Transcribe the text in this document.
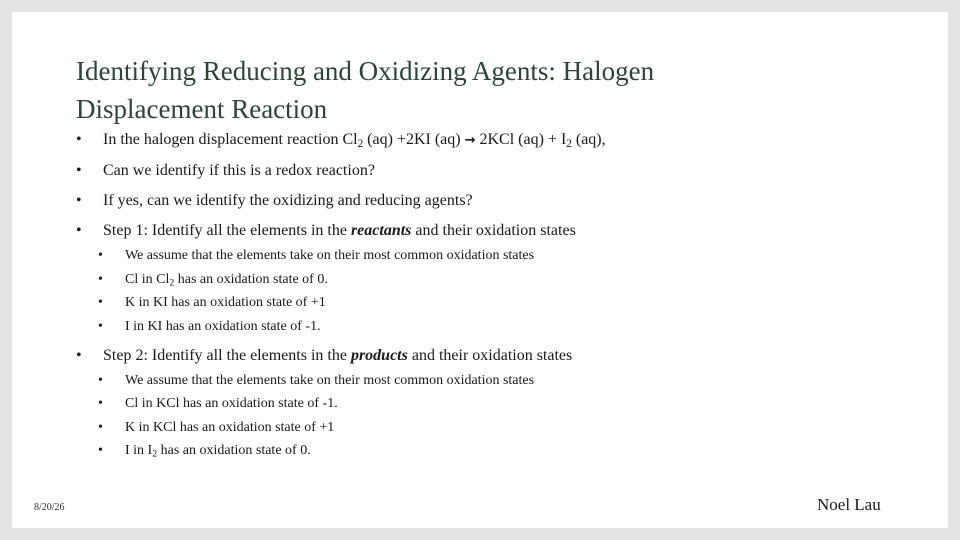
Identifying Reducing and Oxidizing Agents: Halogen
Displacement Reaction
• In the halogen displacement reaction $Cl_2$ (aq) +2KI (aq) → 2KCl $(aq) + I_2$ (aq),
• Can we identify if this is a redox reaction?
• If yes, can we identify the oxidizing and reducing agents?
• Step 1: Identify all the elements in the reactants and their oxidation states
• We assume that the elements take on their most common oxidation states
• Cl in $Cl_2$ has an oxidation state of 0.
• K in KI has an oxidation state of +1
• I in KI has an oxidation state of -1.
• Step 2: Identify all the elements in the products and their oxidation states
• We assume that the elements take on their most common oxidation states
• Cl in KCl has an oxidation state of -1.
• K in KCl has an oxidation state of +1
• I in $I_2$ has an oxidation state of 0.
8/20/26	Noel Lau
